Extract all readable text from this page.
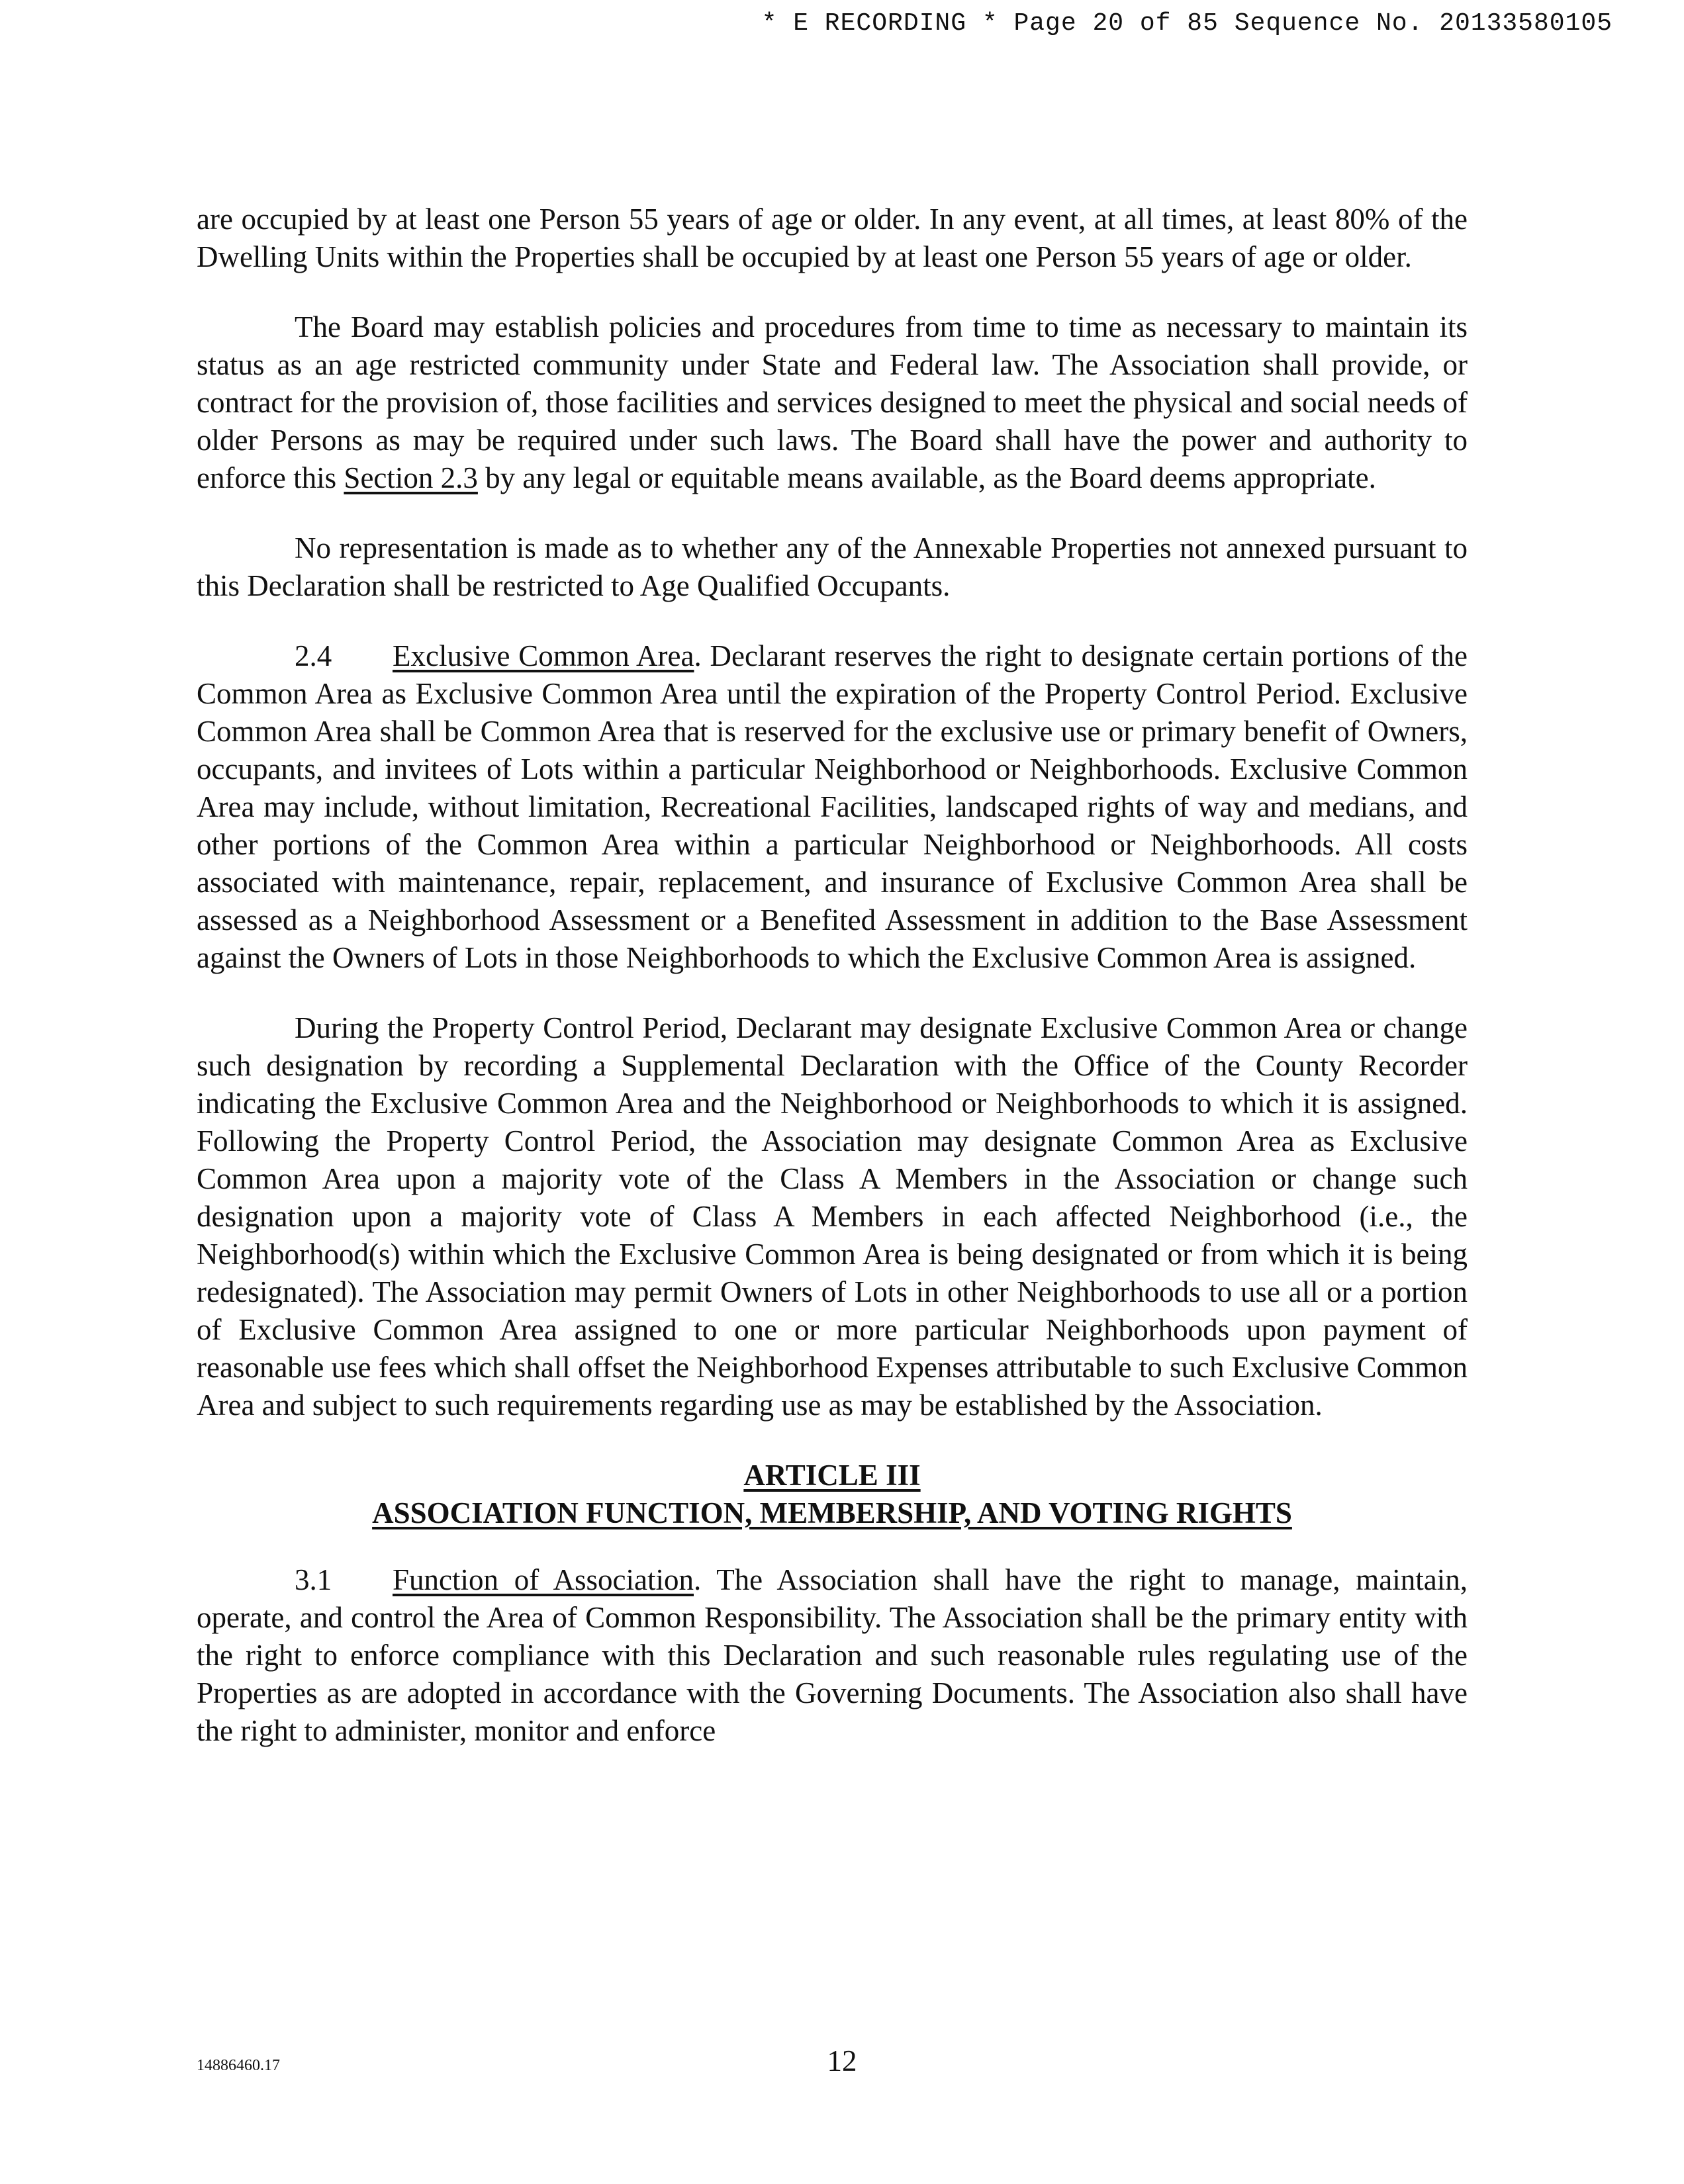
* E RECORDING * Page 20 of 85 Sequence No. 20133580105

are occupied by at least one Person 55 years of age or older. In any event, at all times, at least 80% of the Dwelling Units within the Properties shall be occupied by at least one Person 55 years of age or older.

The Board may establish policies and procedures from time to time as necessary to maintain its status as an age restricted community under State and Federal law. The Association shall provide, or contract for the provision of, those facilities and services designed to meet the physical and social needs of older Persons as may be required under such laws. The Board shall have the power and authority to enforce this Section 2.3 by any legal or equitable means available, as the Board deems appropriate.

No representation is made as to whether any of the Annexable Properties not annexed pursuant to this Declaration shall be restricted to Age Qualified Occupants.

2.4 Exclusive Common Area. Declarant reserves the right to designate certain portions of the Common Area as Exclusive Common Area until the expiration of the Property Control Period. Exclusive Common Area shall be Common Area that is reserved for the exclusive use or primary benefit of Owners, occupants, and invitees of Lots within a particular Neighborhood or Neighborhoods. Exclusive Common Area may include, without limitation, Recreational Facilities, landscaped rights of way and medians, and other portions of the Common Area within a particular Neighborhood or Neighborhoods. All costs associated with maintenance, repair, replacement, and insurance of Exclusive Common Area shall be assessed as a Neighborhood Assessment or a Benefited Assessment in addition to the Base Assessment against the Owners of Lots in those Neighborhoods to which the Exclusive Common Area is assigned.

During the Property Control Period, Declarant may designate Exclusive Common Area or change such designation by recording a Supplemental Declaration with the Office of the County Recorder indicating the Exclusive Common Area and the Neighborhood or Neighborhoods to which it is assigned. Following the Property Control Period, the Association may designate Common Area as Exclusive Common Area upon a majority vote of the Class A Members in the Association or change such designation upon a majority vote of Class A Members in each affected Neighborhood (i.e., the Neighborhood(s) within which the Exclusive Common Area is being designated or from which it is being redesignated). The Association may permit Owners of Lots in other Neighborhoods to use all or a portion of Exclusive Common Area assigned to one or more particular Neighborhoods upon payment of reasonable use fees which shall offset the Neighborhood Expenses attributable to such Exclusive Common Area and subject to such requirements regarding use as may be established by the Association.

ARTICLE III
ASSOCIATION FUNCTION, MEMBERSHIP, AND VOTING RIGHTS

3.1 Function of Association. The Association shall have the right to manage, maintain, operate, and control the Area of Common Responsibility. The Association shall be the primary entity with the right to enforce compliance with this Declaration and such reasonable rules regulating use of the Properties as are adopted in accordance with the Governing Documents. The Association also shall have the right to administer, monitor and enforce

14886460.17	12
